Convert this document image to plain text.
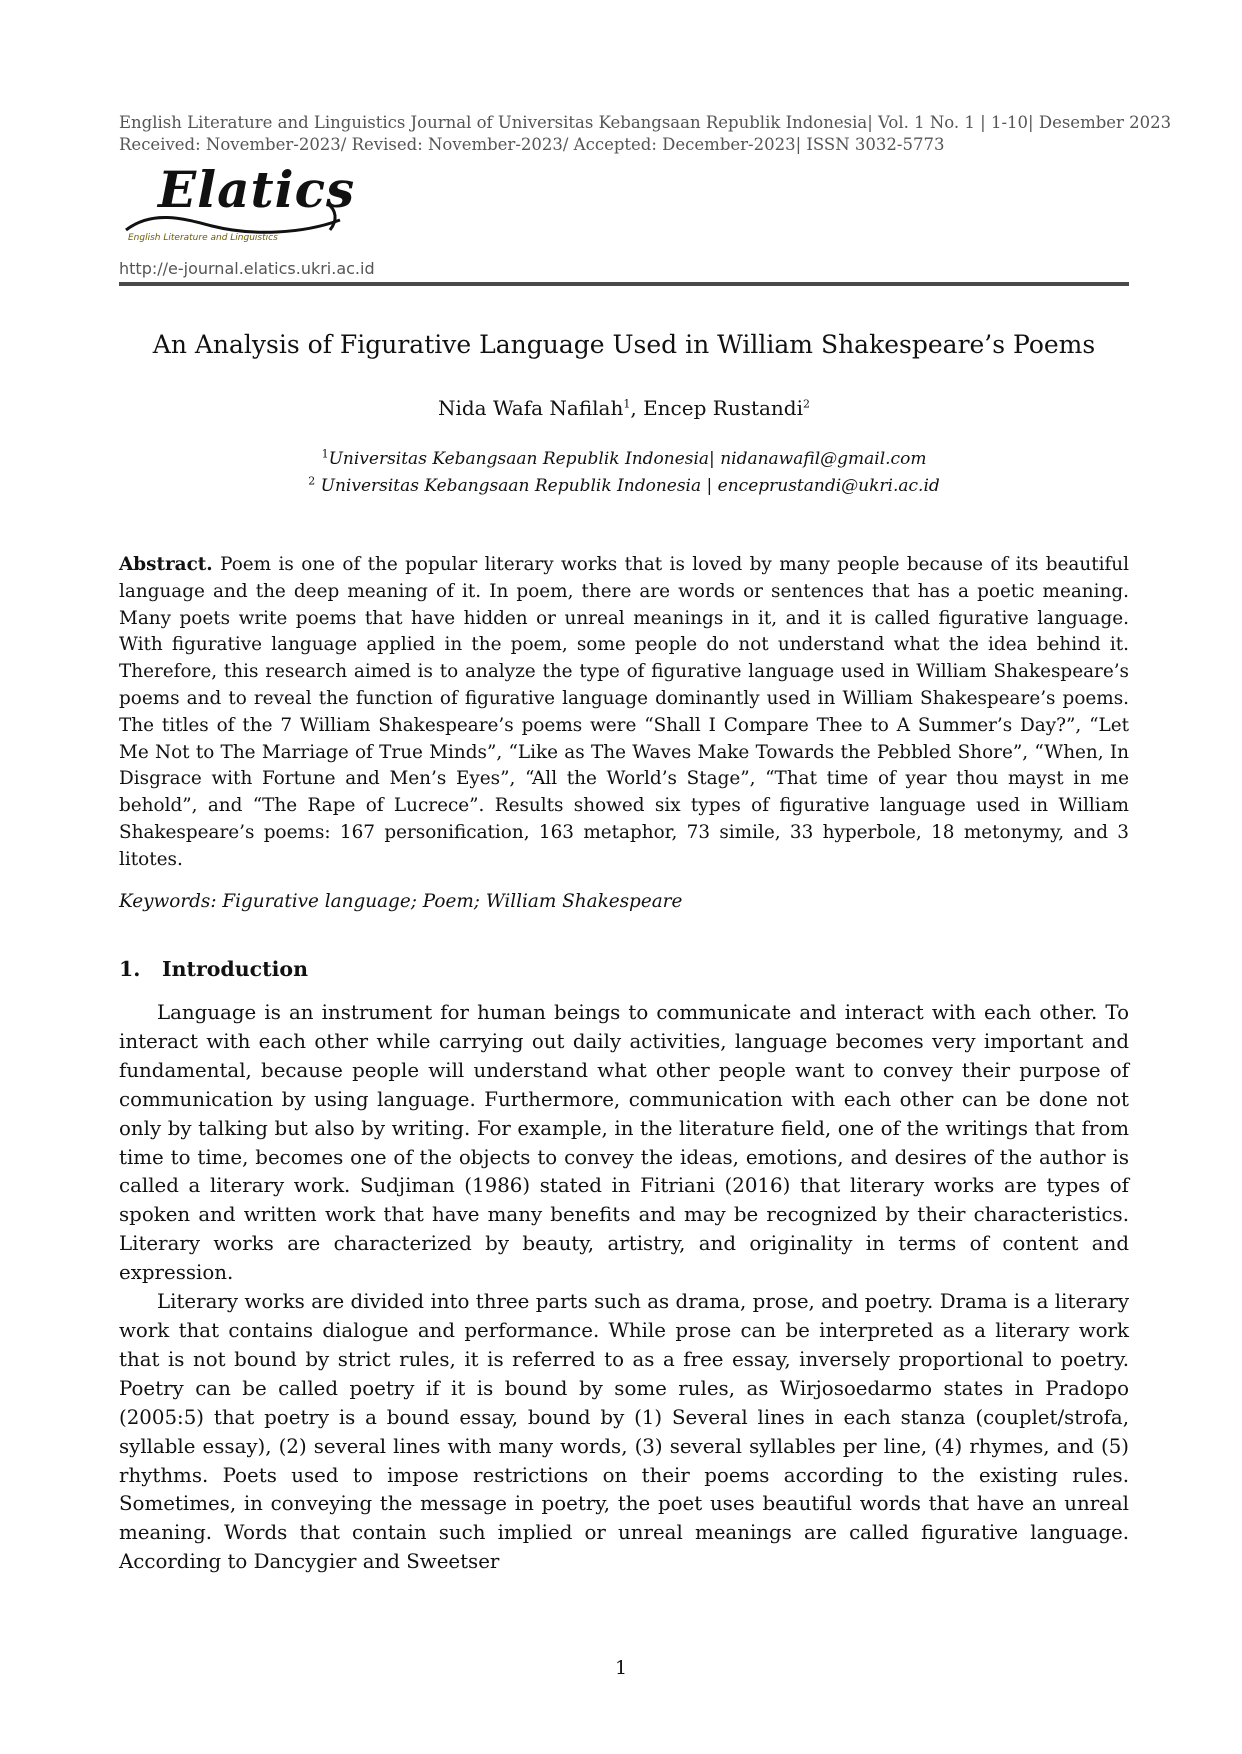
English Literature and Linguistics Journal of Universitas Kebangsaan Republik Indonesia| Vol. 1 No. 1 | 1-10| Desember 2023
Received: November-2023/ Revised: November-2023/ Accepted: December-2023| ISSN 3032-5773
Elatics
English Literature and Linguistics
http://e-journal.elatics.ukri.ac.id
An Analysis of Figurative Language Used in William Shakespeare’s Poems
Nida Wafa Nafilah$^1$, Encep Rustandi$^2$
$^1$Universitas Kebangsaan Republik Indonesia| nidanawafil@gmail.com
$^2$ Universitas Kebangsaan Republik Indonesia | enceprustandi@ukri.ac.id
Abstract. Poem is one of the popular literary works that is loved by many people because of its beautiful language and the deep meaning of it. In poem, there are words or sentences that has a poetic meaning. Many poets write poems that have hidden or unreal meanings in it, and it is called figurative language. With figurative language applied in the poem, some people do not understand what the idea behind it. Therefore, this research aimed is to analyze the type of figurative language used in William Shakespeare’s poems and to reveal the function of figurative language dominantly used in William Shakespeare’s poems. The titles of the 7 William Shakespeare’s poems were “Shall I Compare Thee to A Summer’s Day?”, “Let Me Not to The Marriage of True Minds”, “Like as The Waves Make Towards the Pebbled Shore”, “When, In Disgrace with Fortune and Men’s Eyes”, “All the World’s Stage”, “That time of year thou mayst in me behold”, and “The Rape of Lucrece”. Results showed six types of figurative language used in William Shakespeare’s poems: 167 personification, 163 metaphor, 73 simile, 33 hyperbole, 18 metonymy, and 3 litotes.
Keywords: Figurative language; Poem; William Shakespeare
1. Introduction

Language is an instrument for human beings to communicate and interact with each other. To interact with each other while carrying out daily activities, language becomes very important and fundamental, because people will understand what other people want to convey their purpose of communication by using language. Furthermore, communication with each other can be done not only by talking but also by writing. For example, in the literature field, one of the writings that from time to time, becomes one of the objects to convey the ideas, emotions, and desires of the author is called a literary work. Sudjiman (1986) stated in Fitriani (2016) that literary works are types of spoken and written work that have many benefits and may be recognized by their characteristics. Literary works are characterized by beauty, artistry, and originality in terms of content and expression.

Literary works are divided into three parts such as drama, prose, and poetry. Drama is a literary work that contains dialogue and performance. While prose can be interpreted as a literary work that is not bound by strict rules, it is referred to as a free essay, inversely proportional to poetry. Poetry can be called poetry if it is bound by some rules, as Wirjosoedarmo states in Pradopo (2005:5) that poetry is a bound essay, bound by (1) Several lines in each stanza (couplet/strofa, syllable essay), (2) several lines with many words, (3) several syllables per line, (4) rhymes, and (5) rhythms. Poets used to impose restrictions on their poems according to the existing rules. Sometimes, in conveying the message in poetry, the poet uses beautiful words that have an unreal meaning. Words that contain such implied or unreal meanings are called figurative language. According to Dancygier and Sweetser

1
